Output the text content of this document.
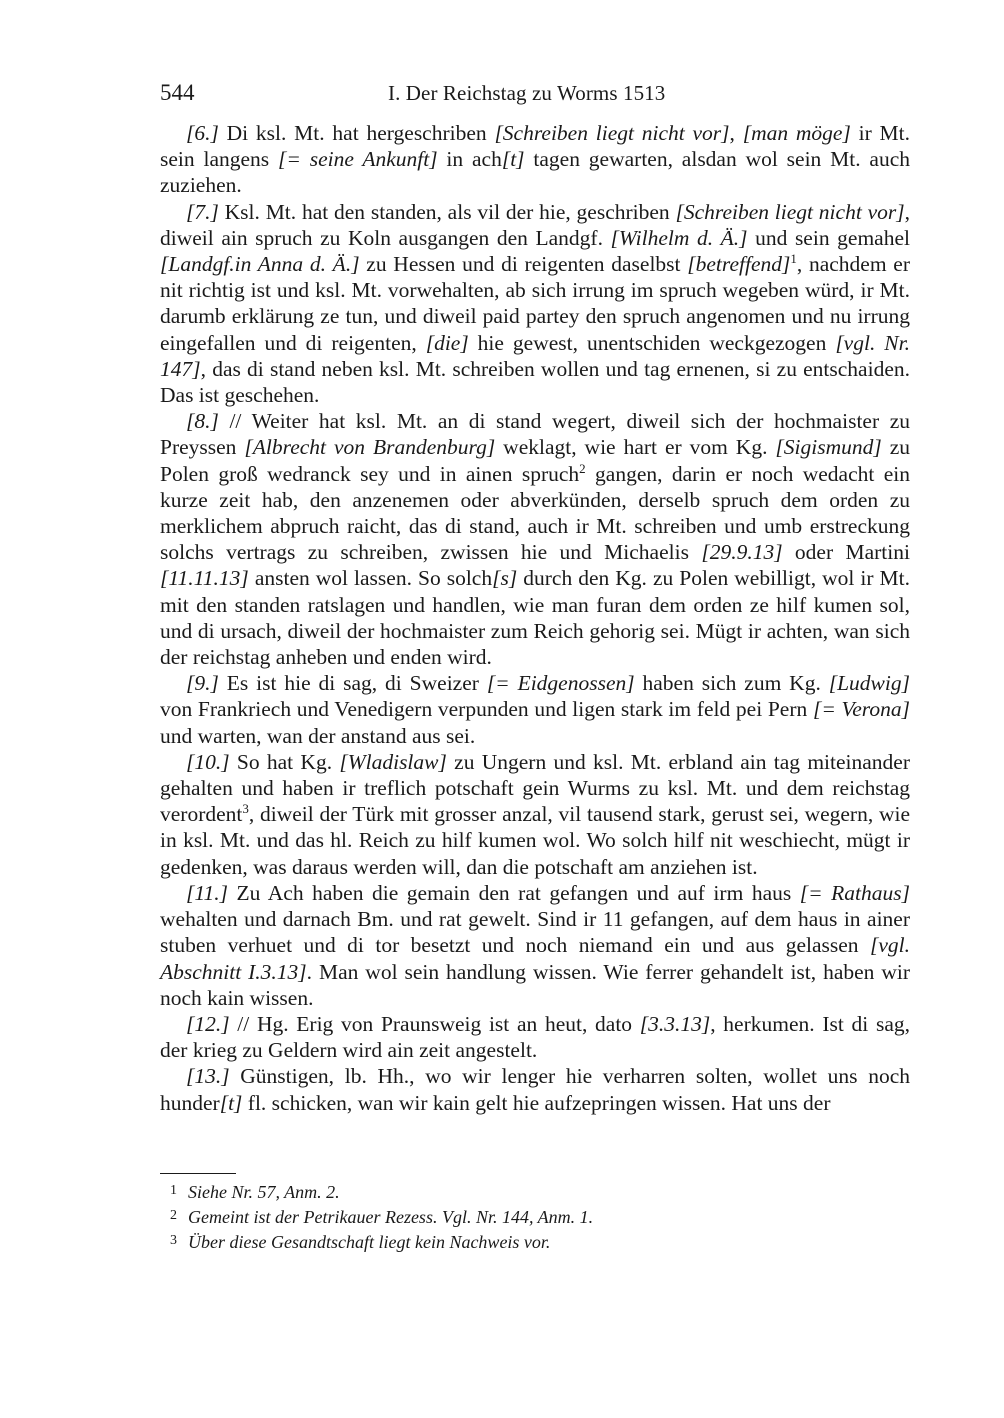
544	I. Der Reichstag zu Worms 1513

[6.] Di ksl. Mt. hat hergeschriben [Schreiben liegt nicht vor], [man möge] ir Mt. sein langens [= seine Ankunft] in ach[t] tagen gewarten, alsdan wol sein Mt. auch zuziehen.

[7.] Ksl. Mt. hat den standen, als vil der hie, geschriben [Schreiben liegt nicht vor], diweil ain spruch zu Koln ausgangen den Landgf. [Wilhelm d. Ä.] und sein gemahel [Landgf.in Anna d. Ä.] zu Hessen und di reigenten daselbst [betreffend]$^1$, nachdem er nit richtig ist und ksl. Mt. vorwehalten, ab sich irrung im spruch wegeben würd, ir Mt. darumb erklärung ze tun, und diweil paid partey den spruch angenomen und nu irrung eingefallen und di reigenten, [die] hie gewest, unentschiden weckgezogen [vgl. Nr. 147], das di stand neben ksl. Mt. schreiben wollen und tag ernenen, si zu entschaiden. Das ist geschehen.

[8.] // Weiter hat ksl. Mt. an di stand wegert, diweil sich der hochmaister zu Preyssen [Albrecht von Brandenburg] weklagt, wie hart er vom Kg. [Sigismund] zu Polen groß wedranck sey und in ainen spruch$^2$ gangen, darin er noch wedacht ein kurze zeit hab, den anzenemen oder abverkünden, derselb spruch dem orden zu merklichem abpruch raicht, das di stand, auch ir Mt. schreiben und umb erstreckung solchs vertrags zu schreiben, zwissen hie und Michaelis [29.9.13] oder Martini [11.11.13] ansten wol lassen. So solch[s] durch den Kg. zu Polen webilligt, wol ir Mt. mit den standen ratslagen und handlen, wie man furan dem orden ze hilf kumen sol, und di ursach, diweil der hochmaister zum Reich gehorig sei. Mügt ir achten, wan sich der reichstag anheben und enden wird.

[9.] Es ist hie di sag, di Sweizer [= Eidgenossen] haben sich zum Kg. [Ludwig] von Frankriech und Venedigern verpunden und ligen stark im feld pei Pern [= Verona] und warten, wan der anstand aus sei.

[10.] So hat Kg. [Wladislaw] zu Ungern und ksl. Mt. erbland ain tag miteinander gehalten und haben ir treflich potschaft gein Wurms zu ksl. Mt. und dem reichstag verordent$^3$, diweil der Türk mit grosser anzal, vil tausend stark, gerust sei, wegern, wie in ksl. Mt. und das hl. Reich zu hilf kumen wol. Wo solch hilf nit weschiecht, mügt ir gedenken, was daraus werden will, dan die potschaft am anziehen ist.

[11.] Zu Ach haben die gemain den rat gefangen und auf irm haus [= Rathaus] wehalten und darnach Bm. und rat gewelt. Sind ir 11 gefangen, auf dem haus in ainer stuben verhuet und di tor besetzt und noch niemand ein und aus gelassen [vgl. Abschnitt I.3.13]. Man wol sein handlung wissen. Wie ferrer gehandelt ist, haben wir noch kain wissen.

[12.] // Hg. Erig von Praunsweig ist an heut, dato [3.3.13], herkumen. Ist di sag, der krieg zu Geldern wird ain zeit angestelt.

[13.] Günstigen, lb. Hh., wo wir lenger hie verharren solten, wollet uns noch hunder[t] fl. schicken, wan wir kain gelt hie aufzepringen wissen. Hat uns der

1 Siehe Nr. 57, Anm. 2.

2 Gemeint ist der Petrikauer Rezess. Vgl. Nr. 144, Anm. 1.

3 Über diese Gesandtschaft liegt kein Nachweis vor.
